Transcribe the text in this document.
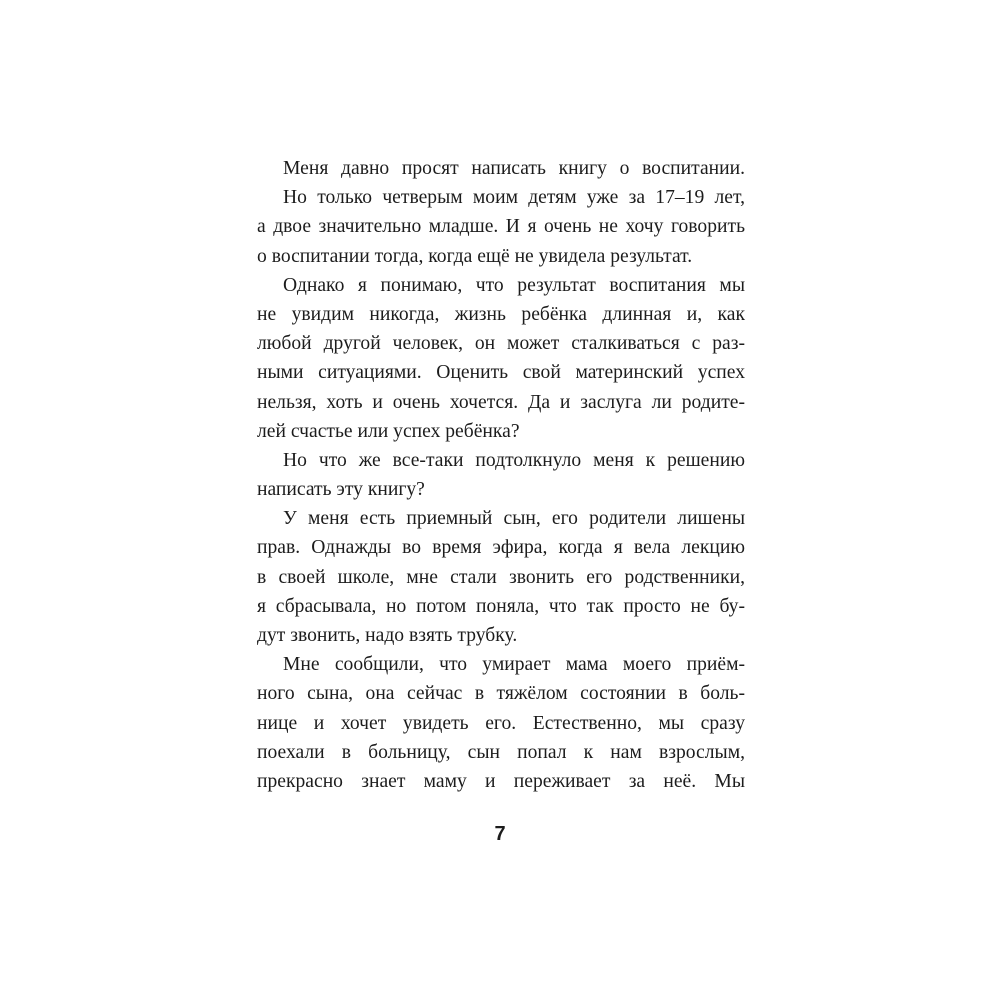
Меня давно просят написать книгу о воспитании.
Но только четверым моим детям уже за 17–19 лет,
а двое значительно младше. И я очень не хочу говорить
о воспитании тогда, когда ещё не увидела результат.
Однако я понимаю, что результат воспитания мы
не увидим никогда, жизнь ребёнка длинная и, как
любой другой человек, он может сталкиваться с раз-
ными ситуациями. Оценить свой материнский успех
нельзя, хоть и очень хочется. Да и заслуга ли родите-
лей счастье или успех ребёнка?
Но что же все-таки подтолкнуло меня к решению
написать эту книгу?
У меня есть приемный сын, его родители лишены
прав. Однажды во время эфира, когда я вела лекцию
в своей школе, мне стали звонить его родственники,
я сбрасывала, но потом поняла, что так просто не бу-
дут звонить, надо взять трубку.
Мне сообщили, что умирает мама моего приём-
ного сына, она сейчас в тяжёлом состоянии в боль-
нице и хочет увидеть его. Естественно, мы сразу
поехали в больницу, сын попал к нам взрослым,
прекрасно знает маму и переживает за неё. Мы
7
